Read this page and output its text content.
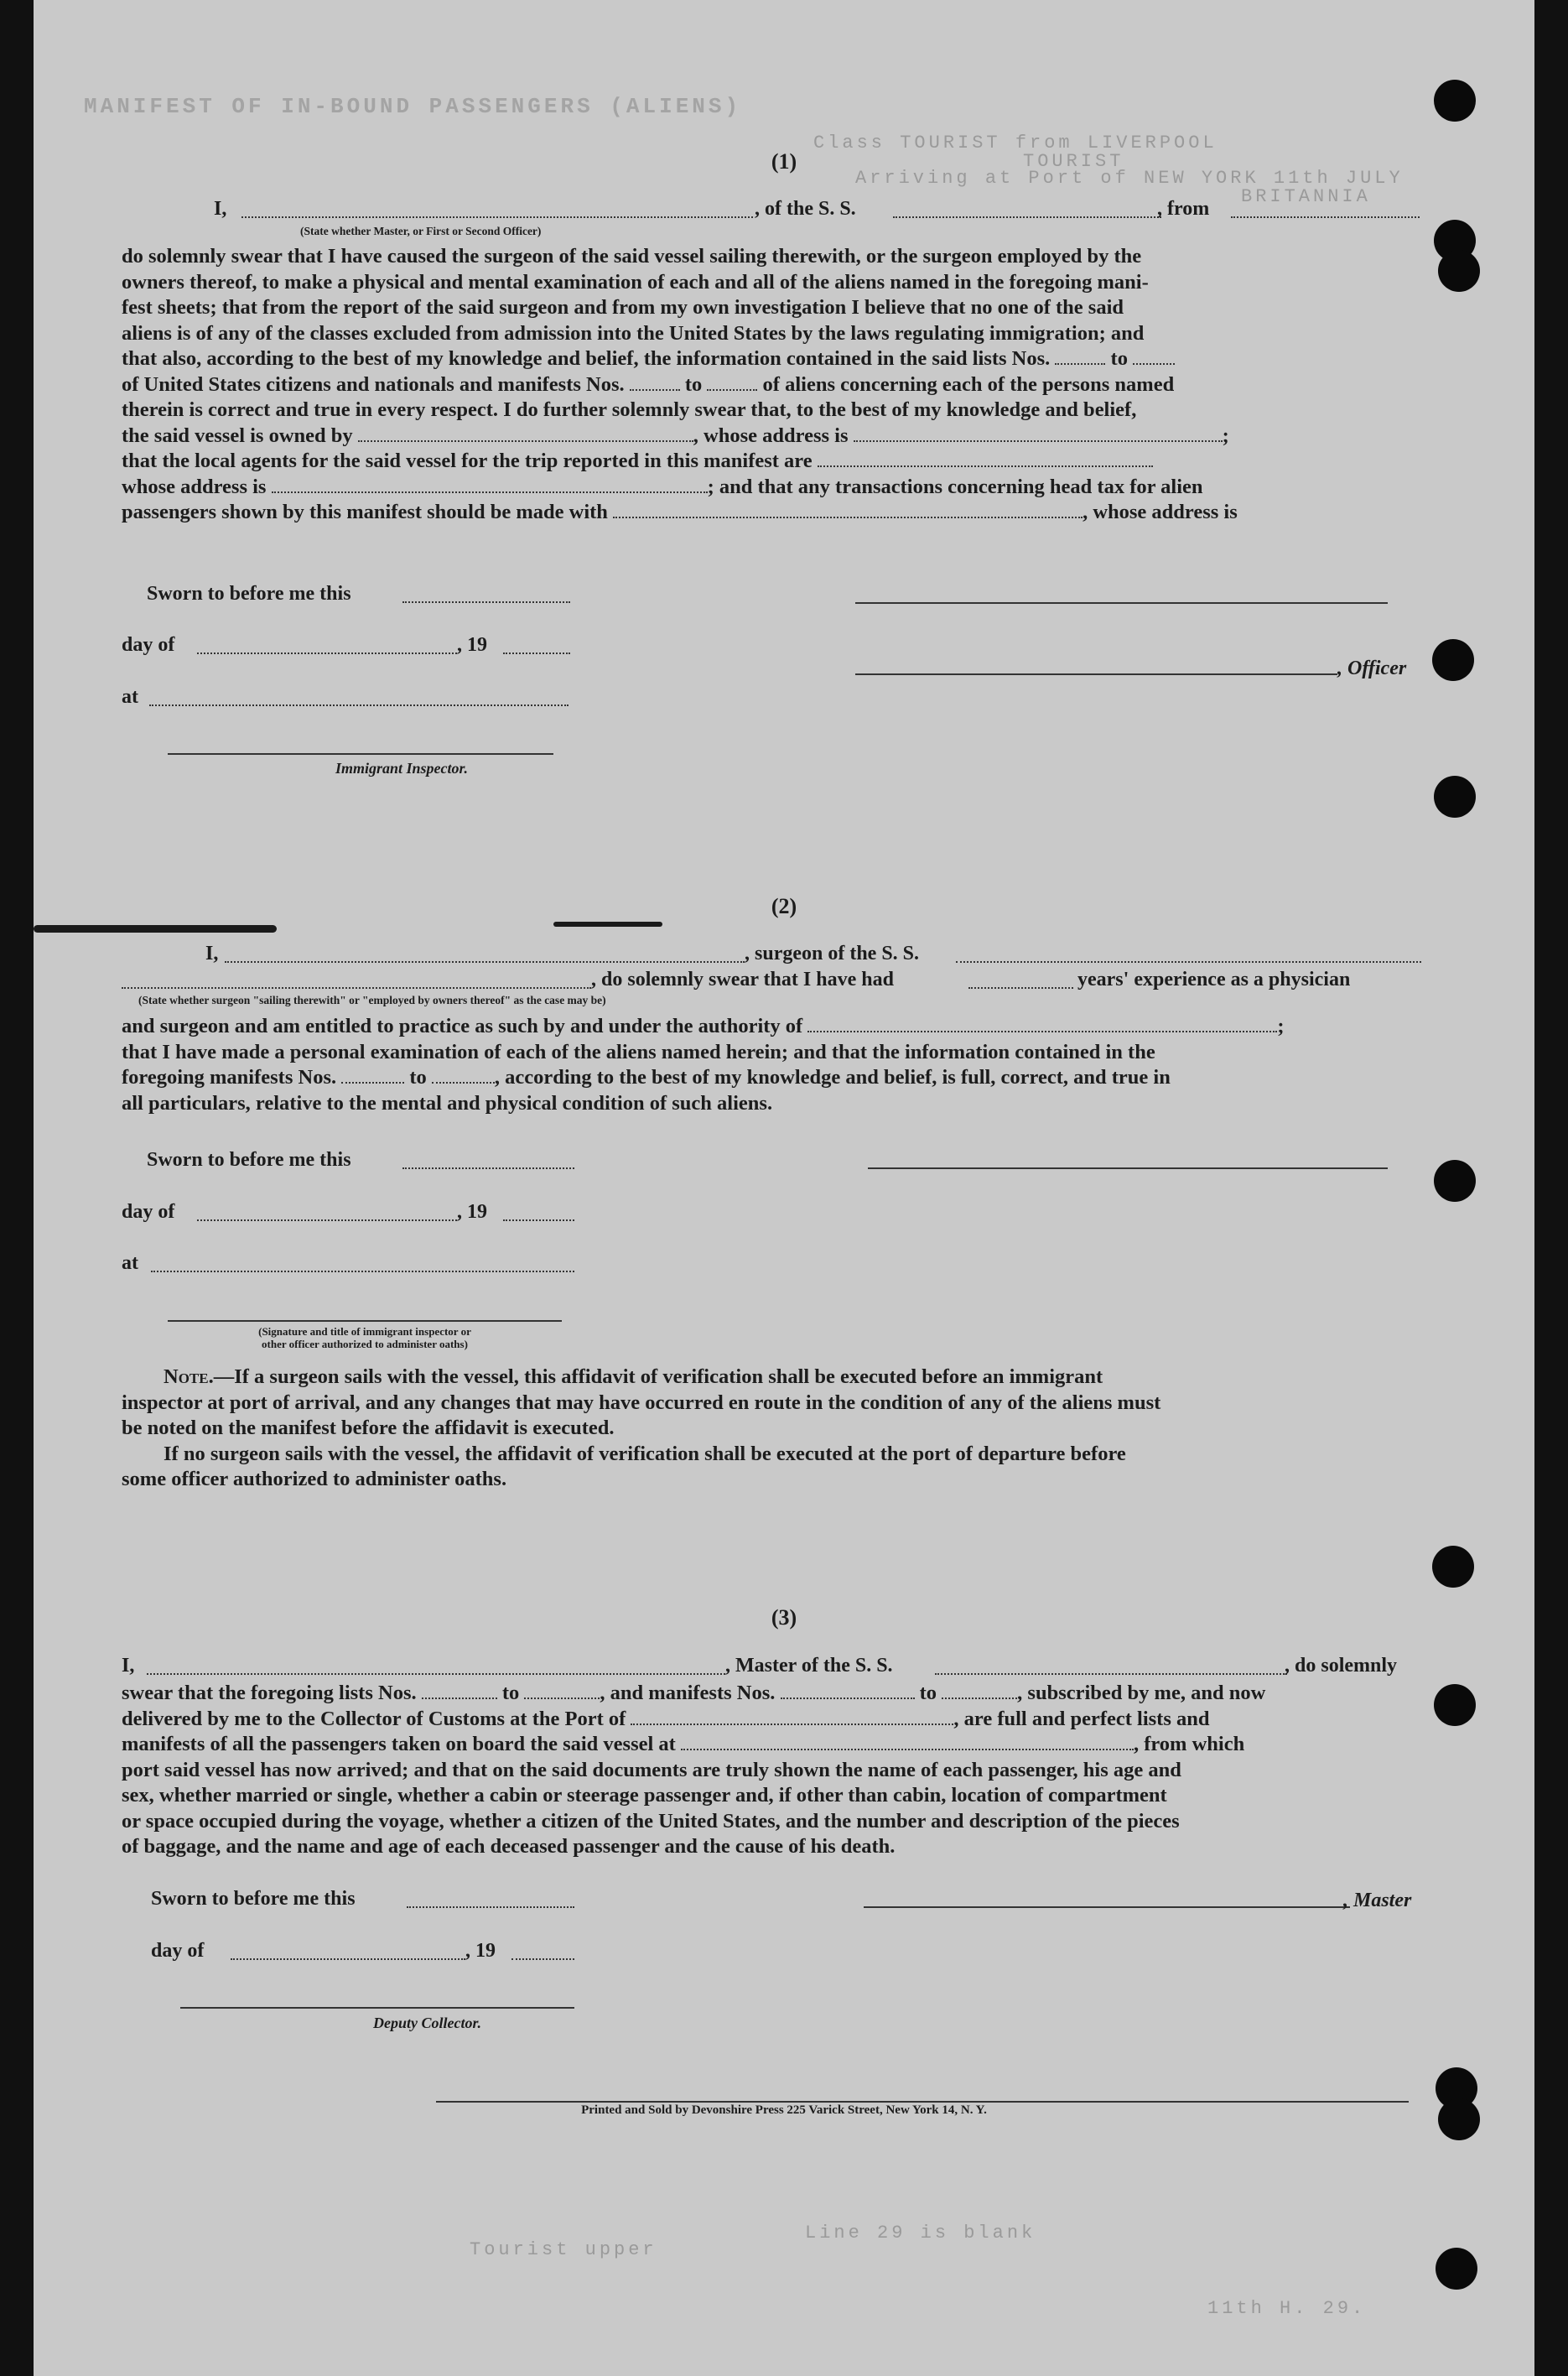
MANIFEST OF IN-BOUND PASSENGERS (ALIENS)
Class TOURIST from LIVERPOOL
Arriving at Port of NEW YORK 11th JULY
TOURIST
BRITANNIA
Line 29 is blank
Tourist upper
11th H. 29.
(1)
I,	, of the S. S.	, from
(State whether Master, or First or Second Officer)
do solemnly swear that I have caused the surgeon of the said vessel sailing therewith, or the surgeon employed by the
owners thereof, to make a physical and mental examination of each and all of the aliens named in the foregoing mani-
fest sheets; that from the report of the said surgeon and from my own investigation I believe that no one of the said
aliens is of any of the classes excluded from admission into the United States by the laws regulating immigration; and
that also, according to the best of my knowledge and belief, the information contained in the said lists Nos.	to
of United States citizens and nationals and manifests Nos.	to	of aliens concerning each of the persons named
therein is correct and true in every respect. I do further solemnly swear that, to the best of my knowledge and belief,
the said vessel is owned by	, whose address is	;
that the local agents for the said vessel for the trip reported in this manifest are
whose address is	; and that any transactions concerning head tax for alien
passengers shown by this manifest should be made with	, whose address is
Sworn to before me this
day of	, 19
at
Immigrant Inspector.
, Officer
(2)
I,	, surgeon of the S. S.
, do solemnly swear that I have had	years' experience as a physician
(State whether surgeon "sailing therewith" or "employed by owners thereof" as the case may be)
and surgeon and am entitled to practice as such by and under the authority of	;
that I have made a personal examination of each of the aliens named herein; and that the information contained in the
foregoing manifests Nos.	to	, according to the best of my knowledge and belief, is full, correct, and true in
all particulars, relative to the mental and physical condition of such aliens.
Sworn to before me this
day of	, 19
at
(Signature and title of immigrant inspector or
other officer authorized to administer oaths)
Note.—If a surgeon sails with the vessel, this affidavit of verification shall be executed before an immigrant
inspector at port of arrival, and any changes that may have occurred en route in the condition of any of the aliens must
be noted on the manifest before the affidavit is executed.
If no surgeon sails with the vessel, the affidavit of verification shall be executed at the port of departure before
some officer authorized to administer oaths.
(3)
I,	, Master of the S. S.	, do solemnly
swear that the foregoing lists Nos.	to	, and manifests Nos.	to	, subscribed by me, and now
delivered by me to the Collector of Customs at the Port of	, are full and perfect lists and
manifests of all the passengers taken on board the said vessel at	, from which
port said vessel has now arrived; and that on the said documents are truly shown the name of each passenger, his age and
sex, whether married or single, whether a cabin or steerage passenger and, if other than cabin, location of compartment
or space occupied during the voyage, whether a citizen of the United States, and the number and description of the pieces
of baggage, and the name and age of each deceased passenger and the cause of his death.
Sworn to before me this
day of	, 19
Deputy Collector.
, Master
Printed and Sold by Devonshire Press 225 Varick Street, New York 14, N. Y.
